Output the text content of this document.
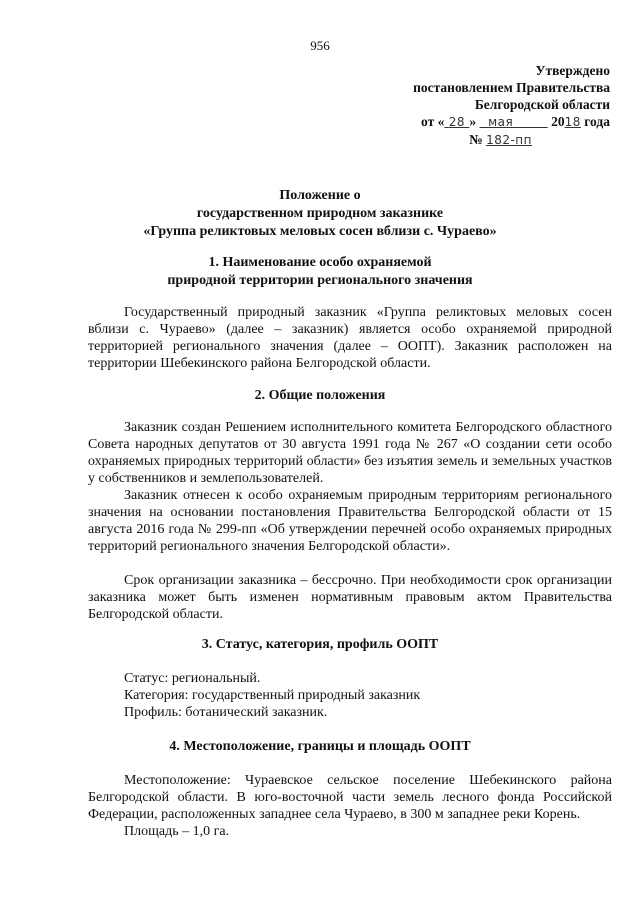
956
Утверждено
постановлением Правительства
Белгородской области
от « 28 » мая	2018 года
№ 182-пп
Положение о
государственном природном заказнике
«Группа реликтовых меловых сосен вблизи с. Чураево»
1. Наименование особо охраняемой
природной территории регионального значения

Государственный природный заказник «Группа реликтовых меловых сосен вблизи с. Чураево» (далее – заказник) является особо охраняемой природной территорией регионального значения (далее – ООПТ). Заказник расположен на территории Шебекинского района Белгородской области.

2. Общие положения

Заказник создан Решением исполнительного комитета Белгородского областного Совета народных депутатов от 30 августа 1991 года № 267 «О создании сети особо охраняемых природных территорий области» без изъятия земель и земельных участков у собственников и землепользователей.

Заказник отнесен к особо охраняемым природным территориям регионального значения на основании постановления Правительства Белгородской области от 15 августа 2016 года № 299-пп «Об утверждении перечней особо охраняемых природных территорий регионального значения Белгородской области».

Срок организации заказника – бессрочно. При необходимости срок организации заказника может быть изменен нормативным правовым актом Правительства Белгородской области.

3. Статус, категория, профиль ООПТ
Статус: региональный.
Категория: государственный природный заказник
Профиль: ботанический заказник.
4. Местоположение, границы и площадь ООПТ

Местоположение: Чураевское сельское поселение Шебекинского района Белгородской области. В юго-восточной части земель лесного фонда Российской Федерации, расположенных западнее села Чураево, в 300 м западнее реки Корень.

Площадь – 1,0 га.
